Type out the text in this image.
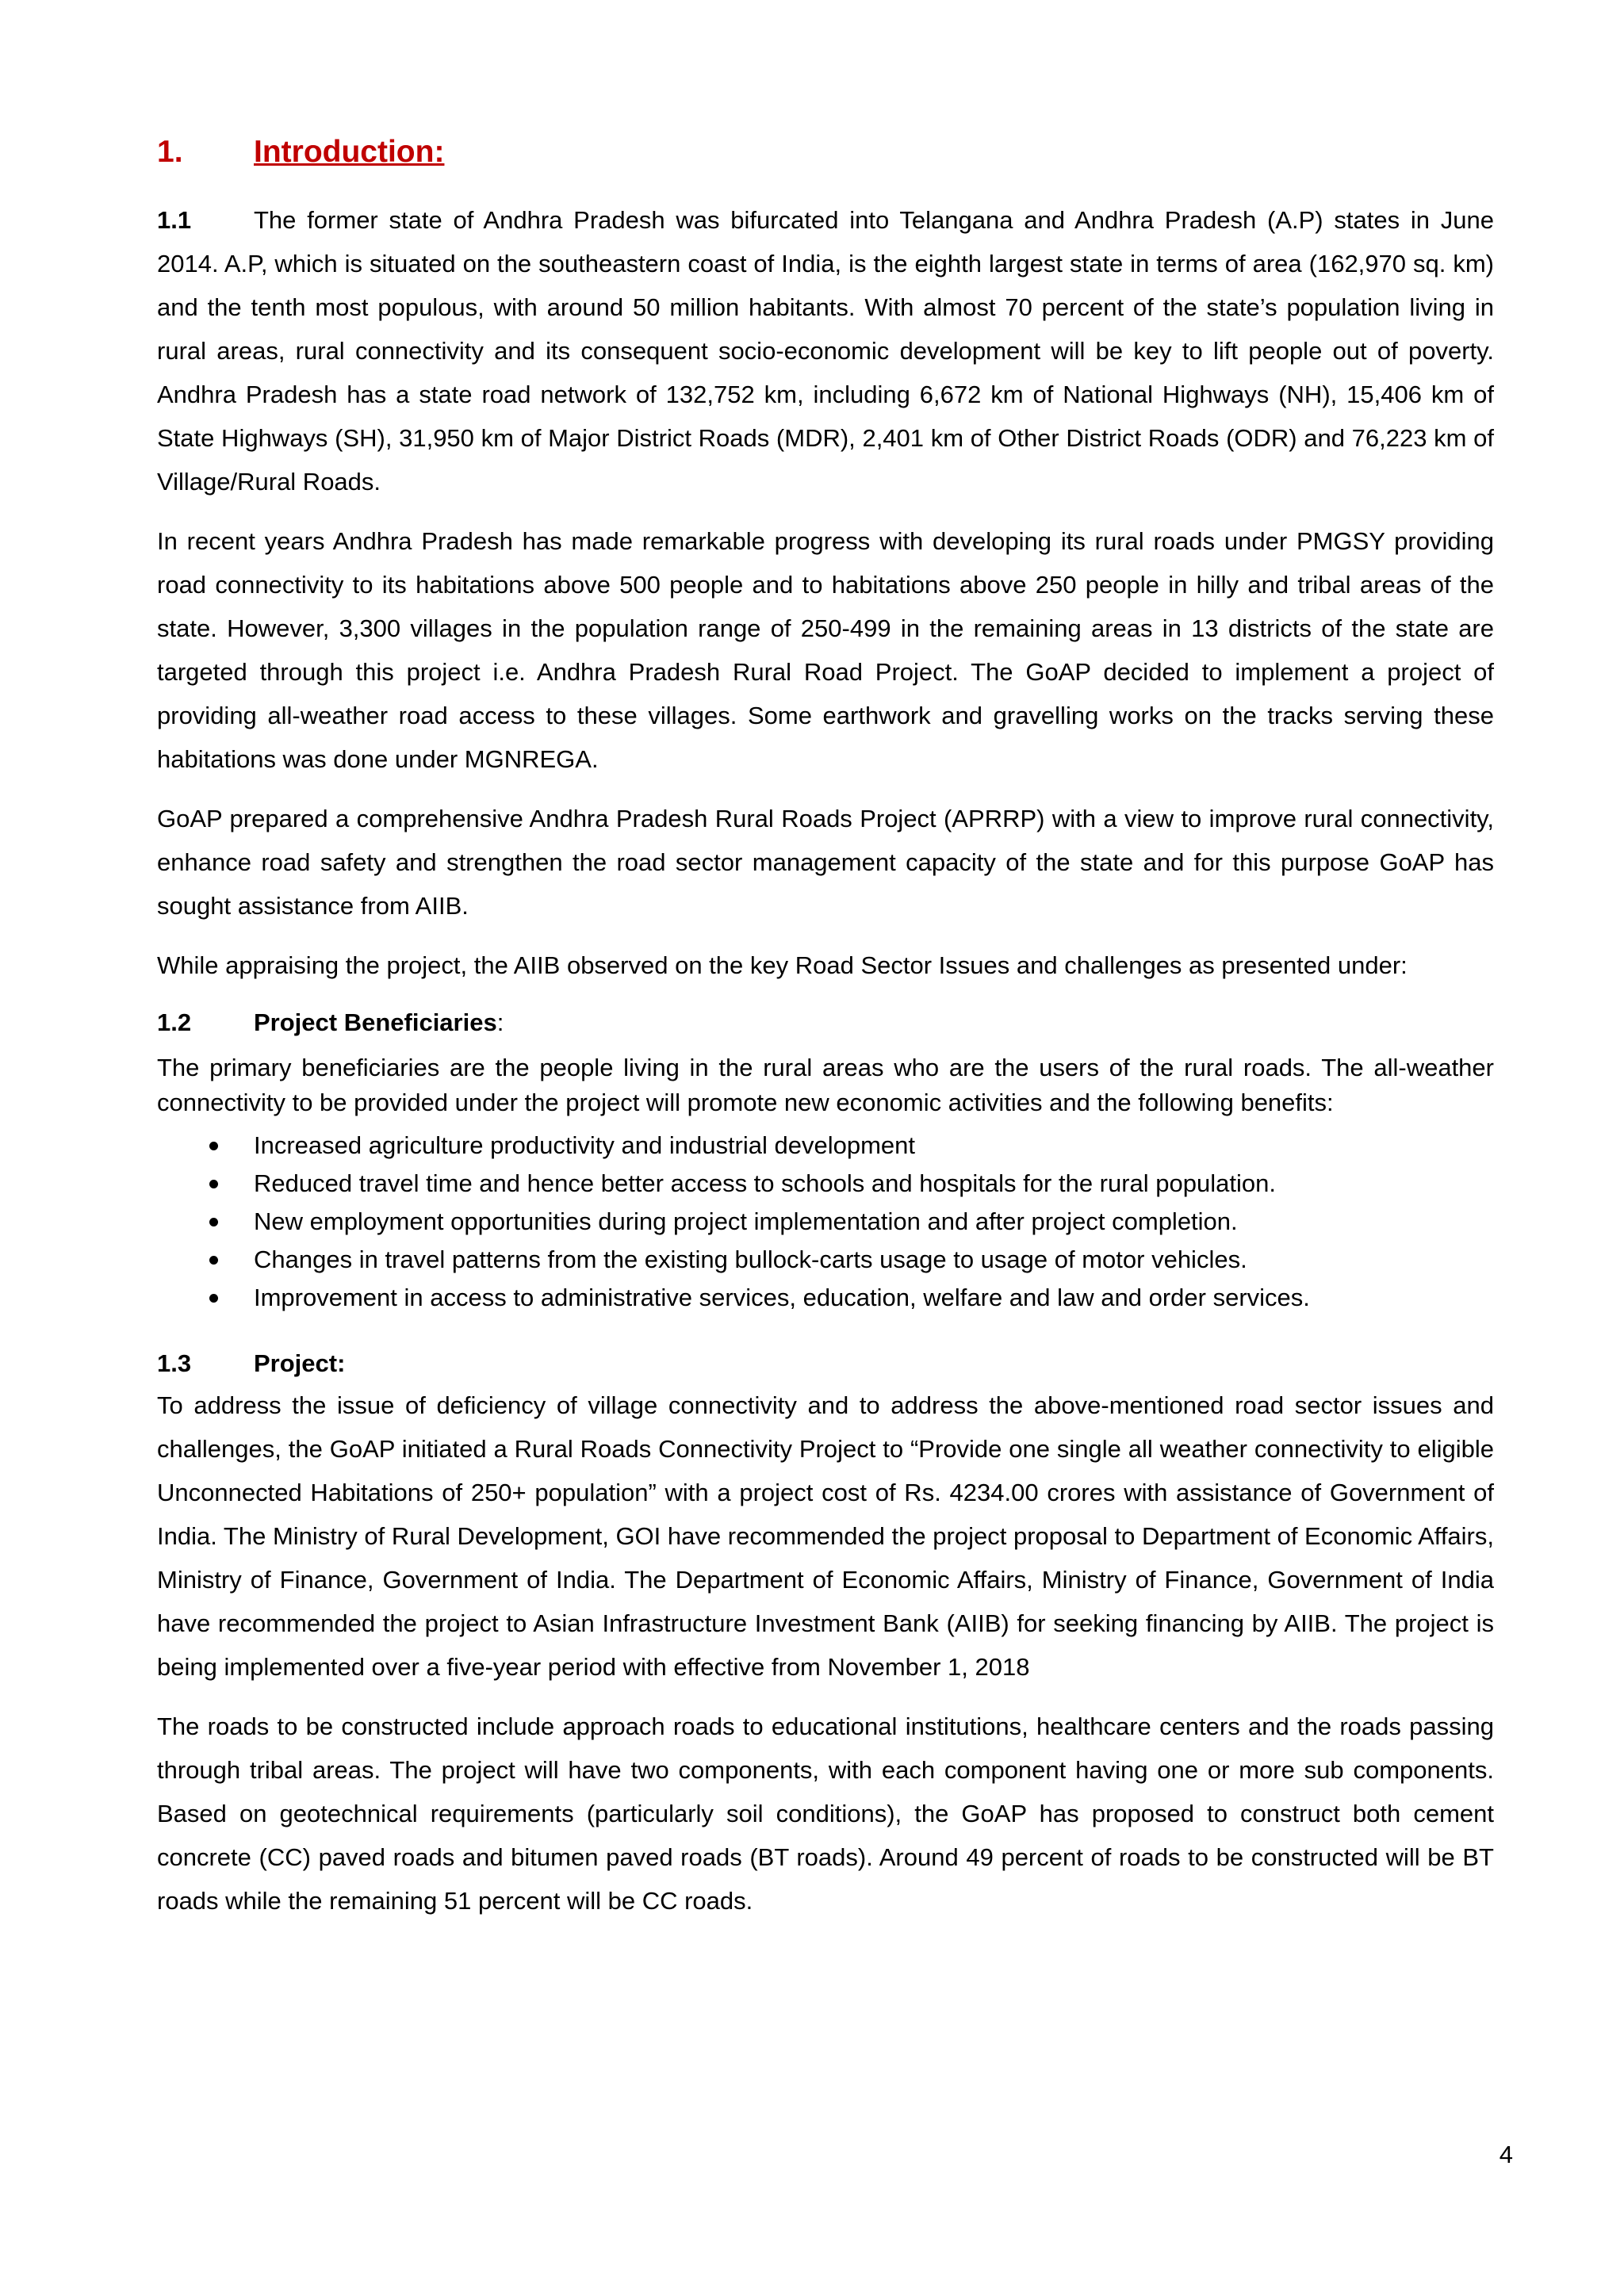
1.	Introduction:

1.1	The former state of Andhra Pradesh was bifurcated into Telangana and Andhra Pradesh (A.P) states in June 2014. A.P, which is situated on the southeastern coast of India, is the eighth largest state in terms of area (162,970 sq. km) and the tenth most populous, with around 50 million habitants. With almost 70 percent of the state’s population living in rural areas, rural connectivity and its consequent socio-economic development will be key to lift people out of poverty. Andhra Pradesh has a state road network of 132,752 km, including 6,672 km of National Highways (NH), 15,406 km of State Highways (SH), 31,950 km of Major District Roads (MDR), 2,401 km of Other District Roads (ODR) and 76,223 km of Village/Rural Roads.

In recent years Andhra Pradesh has made remarkable progress with developing its rural roads under PMGSY providing road connectivity to its habitations above 500 people and to habitations above 250 people in hilly and tribal areas of the state. However, 3,300 villages in the population range of 250-499 in the remaining areas in 13 districts of the state are targeted through this project i.e. Andhra Pradesh Rural Road Project. The GoAP decided to implement a project of providing all-weather road access to these villages. Some earthwork and gravelling works on the tracks serving these habitations was done under MGNREGA.

GoAP prepared a comprehensive Andhra Pradesh Rural Roads Project (APRRP) with a view to improve rural connectivity, enhance road safety and strengthen the road sector management capacity of the state and for this purpose GoAP has sought assistance from AIIB.

While appraising the project, the AIIB observed on the key Road Sector Issues and challenges as presented under:

1.2	Project Beneficiaries:

The primary beneficiaries are the people living in the rural areas who are the users of the rural roads. The all-weather connectivity to be provided under the project will promote new economic activities and the following benefits:

Increased agriculture productivity and industrial development
Reduced travel time and hence better access to schools and hospitals for the rural population.
New employment opportunities during project implementation and after project completion.
Changes in travel patterns from the existing bullock-carts usage to usage of motor vehicles.
Improvement in access to administrative services, education, welfare and law and order services.
1.3	Project:

To address the issue of deficiency of village connectivity and to address the above-mentioned road sector issues and challenges, the GoAP initiated a Rural Roads Connectivity Project to “Provide one single all weather connectivity to eligible Unconnected Habitations of 250+ population” with a project cost of Rs. 4234.00 crores with assistance of Government of India. The Ministry of Rural Development, GOI have recommended the project proposal to Department of Economic Affairs, Ministry of Finance, Government of India. The Department of Economic Affairs, Ministry of Finance, Government of India have recommended the project to Asian Infrastructure Investment Bank (AIIB) for seeking financing by AIIB. The project is being implemented over a five-year period with effective from November 1, 2018

The roads to be constructed include approach roads to educational institutions, healthcare centers and the roads passing through tribal areas. The project will have two components, with each component having one or more sub components. Based on geotechnical requirements (particularly soil conditions), the GoAP has proposed to construct both cement concrete (CC) paved roads and bitumen paved roads (BT roads). Around 49 percent of roads to be constructed will be BT roads while the remaining 51 percent will be CC roads.

4
